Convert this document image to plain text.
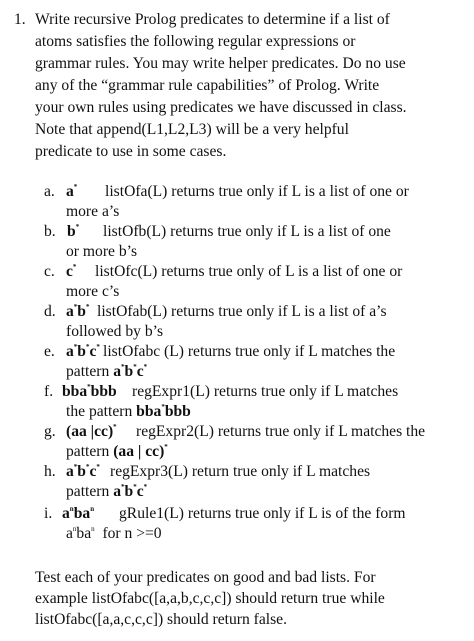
1. Write recursive Prolog predicates to determine if a list of
atoms satisfies the following regular expressions or
grammar rules. You may write helper predicates. Do no use
any of the “grammar rule capabilities” of Prolog. Write
your own rules using predicates we have discussed in class.
Note that append(L1,L2,L3) will be a very helpful
predicate to use in some cases.
a. a* listOfa(L) returns true only if L is a list of one or
more a’s
b. b* listOfb(L) returns true only if L is a list of one
or more b’s
c. c* listOfc(L) returns true only of L is a list of one or
more c’s
d. a*b* listOfab(L) returns true only if L is a list of a’s
followed by b’s
e. a*b*c* listOfabc (L) returns true only if L matches the
pattern a*b*c*
f. bba*bbb regExpr1(L) returns true only if L matches
the pattern bba*bbb
g. (aa |cc)* regExpr2(L) returns true only if L matches the
pattern (aa | cc)*
h. a*b*c* regExpr3(L) return true only if L matches
pattern a*b*c*
i. $a^nba^n$ gRule1(L) returns true only if L is of the form
$a^nba^n$ for n >=0
Test each of your predicates on good and bad lists. For
example listOfabc([a,a,b,c,c,c]) should return true while
listOfabc([a,a,c,c,c]) should return false.
